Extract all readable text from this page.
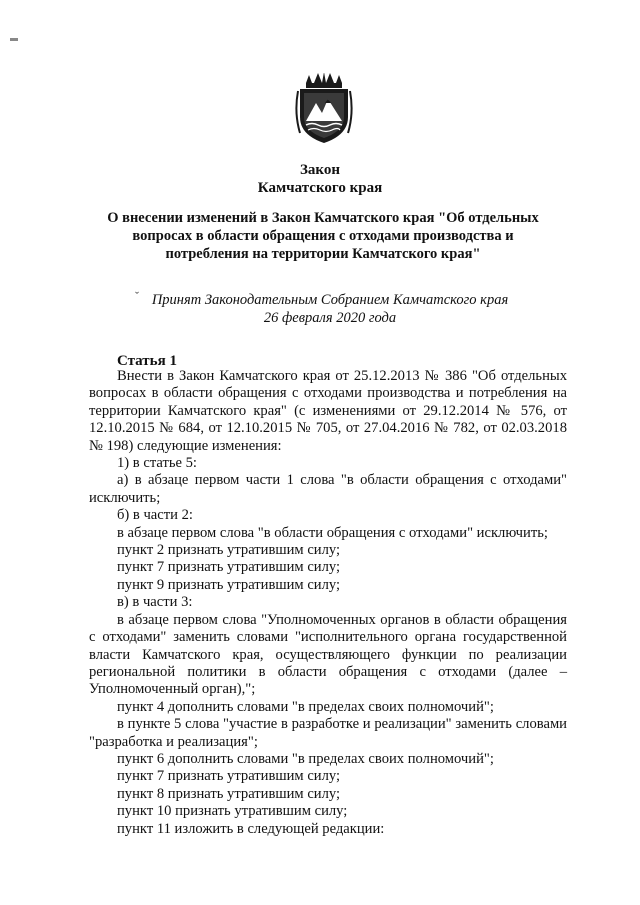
Закон
Камчатского края

О внесении изменений в Закон Камчатского края "Об отдельных вопросах в области обращения с отходами производства и потребления на территории Камчатского края"

ˇ Принят Законодательным Собранием Камчатского края
26 февраля 2020 года
Статья 1

Внести в Закон Камчатского края от 25.12.2013 № 386 "Об отдельных вопросах в области обращения с отходами производства и потребления на территории Камчатского края" (с изменениями от 29.12.2014 № 576, от 12.10.2015 № 684, от 12.10.2015 № 705, от 27.04.2016 № 782, от 02.03.2018 № 198) следующие изменения:

1) в статье 5:

а) в абзаце первом части 1 слова "в области обращения с отходами" исключить;

б) в части 2:

в абзаце первом слова "в области обращения с отходами" исключить;

пункт 2 признать утратившим силу;

пункт 7 признать утратившим силу;

пункт 9 признать утратившим силу;

в) в части 3:

в абзаце первом слова "Уполномоченных органов в области обращения с отходами" заменить словами "исполнительного органа государственной власти Камчатского края, осуществляющего функции по реализации региональной политики в области обращения с отходами (далее – Уполномоченный орган),";

пункт 4 дополнить словами "в пределах своих полномочий";

в пункте 5 слова "участие в разработке и реализации" заменить словами "разработка и реализация";

пункт 6 дополнить словами "в пределах своих полномочий";

пункт 7 признать утратившим силу;

пункт 8 признать утратившим силу;

пункт 10 признать утратившим силу;

пункт 11 изложить в следующей редакции:
